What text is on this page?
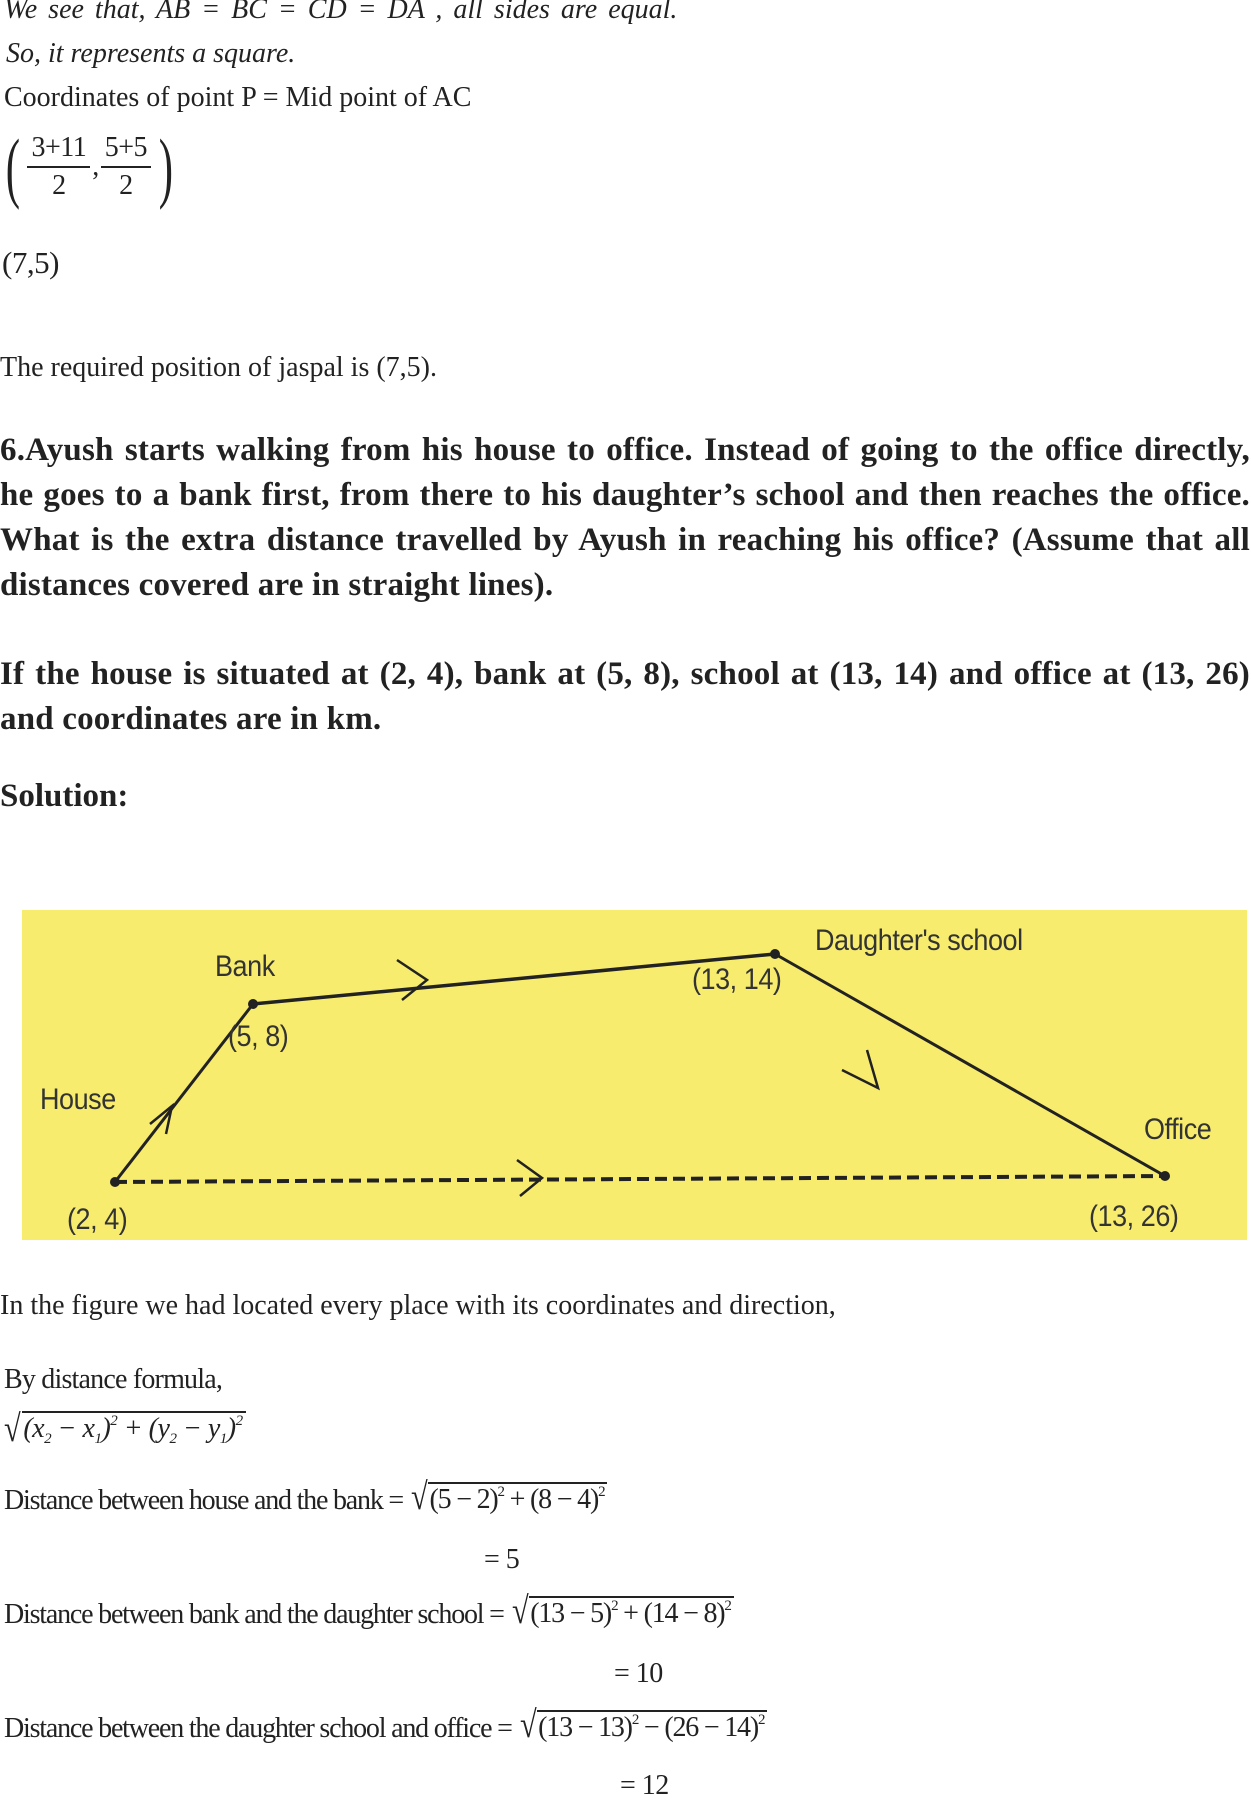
We see that, AB = BC = CD = DA , all sides are equal.
So, it represents a square.
Coordinates of point P = Mid point of AC
( $\frac{3+11}{2}$ , $\frac{5+5}{2}$ )
(7,5)
The required position of jaspal is (7,5).
6.Ayush starts walking from his house to office. Instead of going to the office directly, he goes to a bank first, from there to his daughter’s school and then reaches the office. What is the extra distance travelled by Ayush in reaching his office? (Assume that all distances covered are in straight lines).
If the house is situated at (2, 4), bank at (5, 8), school at (13, 14) and office at (13, 26) and coordinates are in km.
Solution:
House
(2, 4)
Bank
(5, 8)
Daughter's school
(13, 14)
Office
(13, 26)
In the figure we had located every place with its coordinates and direction,
By distance formula,
√ $(x_2 - x_1)^2 + (y_2 - y_1)^2$
Distance between house and the bank = √ $(5 - 2)^2 + (8 - 4)^2$
= 5
Distance between bank and the daughter school = √ $(13 - 5)^2 + (14 - 8)^2$
= 10
Distance between the daughter school and office = √ $(13 - 13)^2 - (26 - 14)^2$
= 12
